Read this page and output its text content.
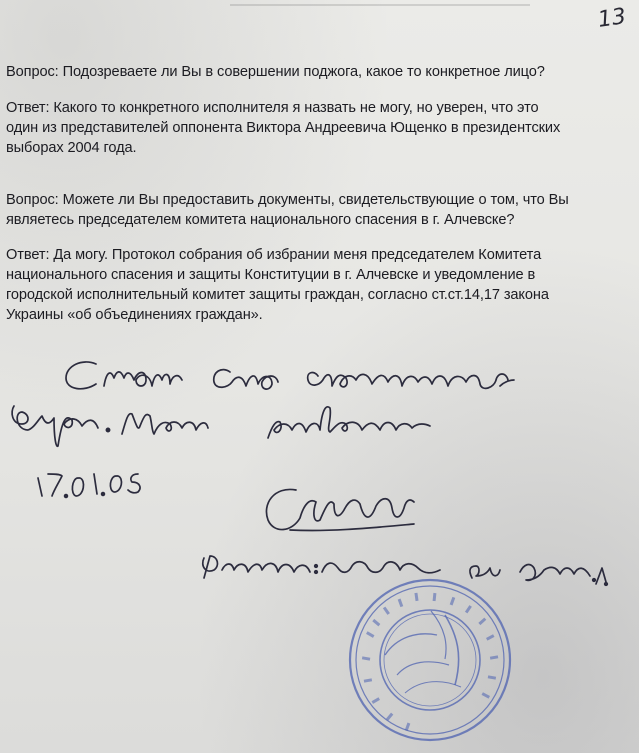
13
Вопрос: Подозреваете ли Вы в совершении поджога, какое то конкретное лицо?
Ответ: Какого то конкретного исполнителя я назвать не могу, но уверен, что это
один из представителей оппонента Виктора Андреевича Ющенко в президентских
выборах 2004 года.
Вопрос: Можете ли Вы предоставить документы, свидетельствующие о том, что Вы
являетесь председателем комитета национального спасения в г. Алчевске?
Ответ: Да могу. Протокол собрания об избрании меня председателем Комитета
национального спасения и защиты Конституции в г. Алчевске и уведомление в
городской исполнительный комитет защиты граждан, согласно ст.ст.14,17 закона
Украины «об объединениях граждан».
